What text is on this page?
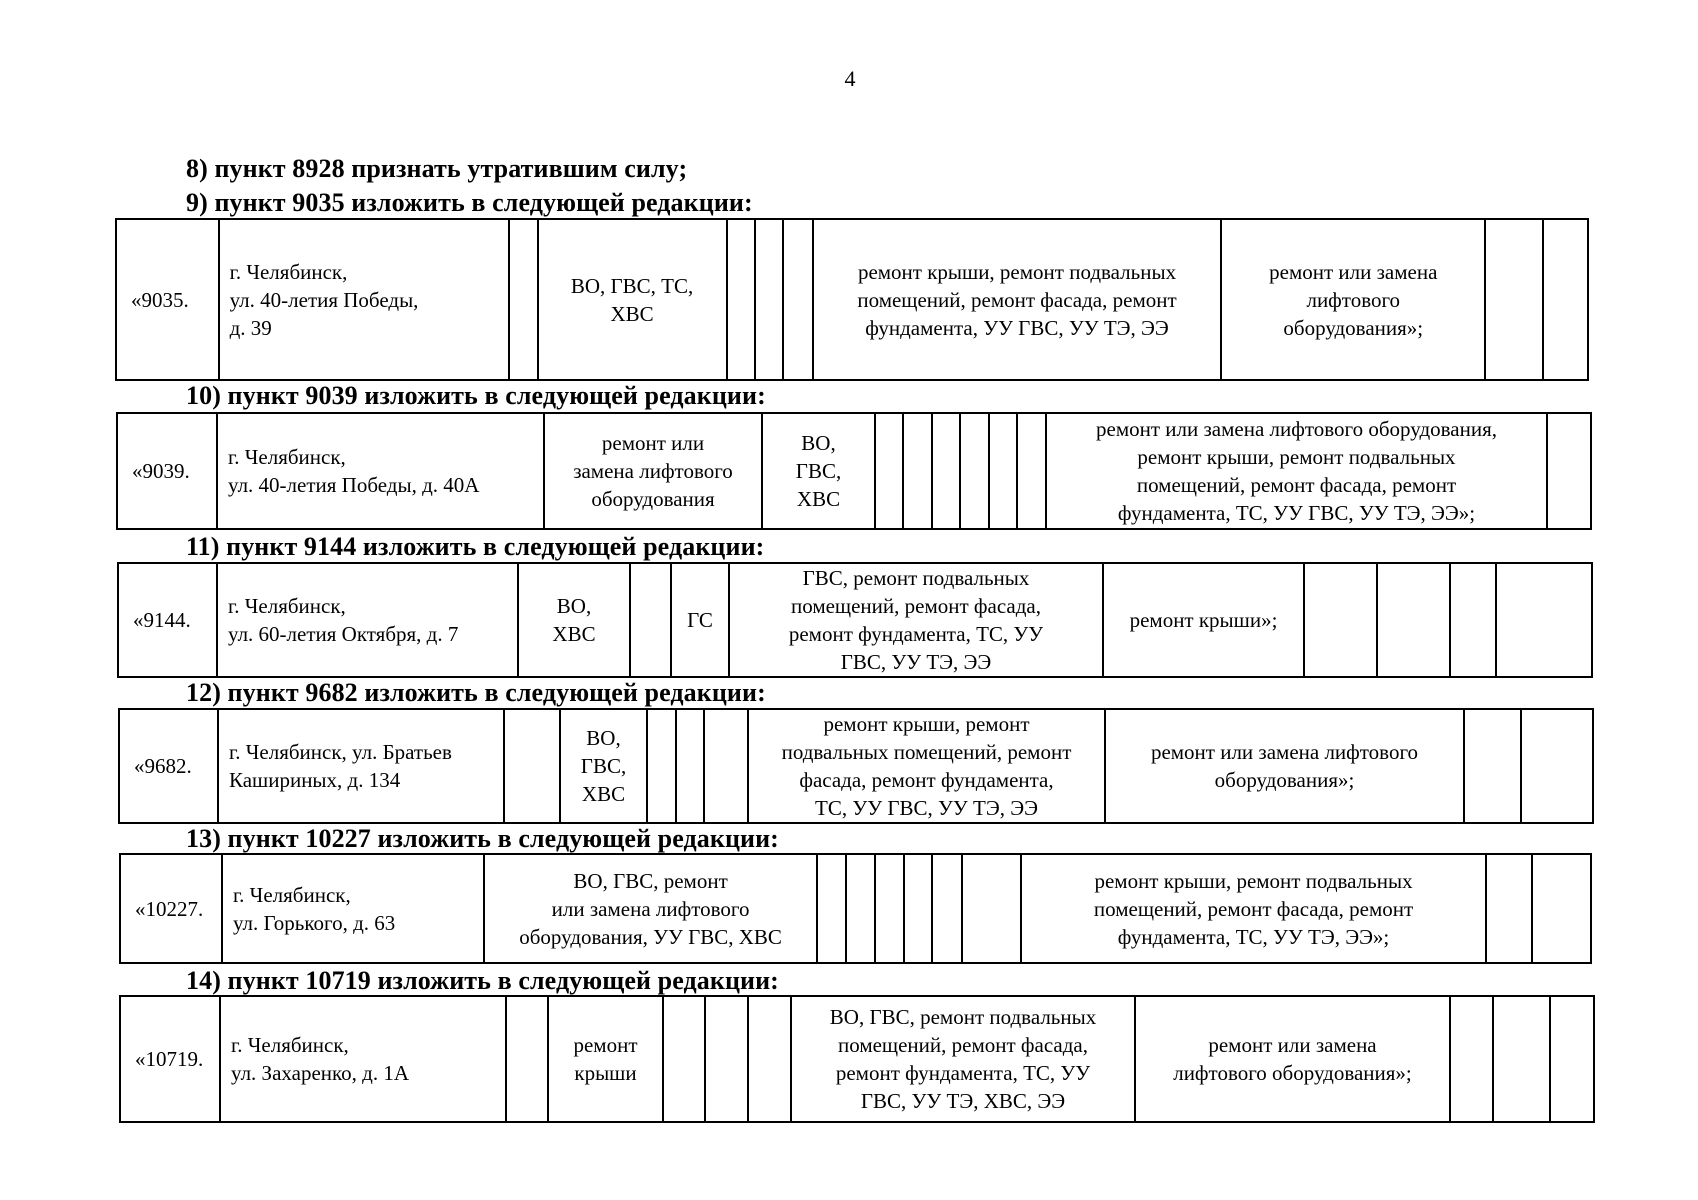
4
8) пункт 8928 признать утратившим силу;
9) пункт 9035 изложить в следующей редакции:
10) пункт 9039 изложить в следующей редакции:
11) пункт 9144 изложить в следующей редакции:
12) пункт 9682 изложить в следующей редакции:
13) пункт 10227 изложить в следующей редакции:
14) пункт 10719 изложить в следующей редакции:
«9035.	г. Челябинск,
ул. 40-летия Победы,
д. 39		ВО, ГВС, ТС,
ХВС				ремонт крыши, ремонт подвальных
помещений, ремонт фасада, ремонт
фундамента, УУ ГВС, УУ ТЭ, ЭЭ	ремонт или замена
лифтового
оборудования»;		
«9039.	г. Челябинск,
ул. 40-летия Победы, д. 40А	ремонт или
замена лифтового
оборудования	ВО,
ГВС,
ХВС							ремонт или замена лифтового оборудования,
ремонт крыши, ремонт подвальных
помещений, ремонт фасада, ремонт
фундамента, ТС, УУ ГВС, УУ ТЭ, ЭЭ»;	
«9144.	г. Челябинск,
ул. 60-летия Октября, д. 7	ВО,
ХВС		ГС	ГВС, ремонт подвальных
помещений, ремонт фасада,
ремонт фундамента, ТС, УУ
ГВС, УУ ТЭ, ЭЭ	ремонт крыши»;				
«9682.	г. Челябинск, ул. Братьев
Кашириных, д. 134		ВО,
ГВС,
ХВС				ремонт крыши, ремонт
подвальных помещений, ремонт
фасада, ремонт фундамента,
ТС, УУ ГВС, УУ ТЭ, ЭЭ	ремонт или замена лифтового
оборудования»;		
«10227.	г. Челябинск,
ул. Горького, д. 63	ВО, ГВС, ремонт
или замена лифтового
оборудования, УУ ГВС, ХВС							ремонт крыши, ремонт подвальных
помещений, ремонт фасада, ремонт
фундамента, ТС, УУ ТЭ, ЭЭ»;		
«10719.	г. Челябинск,
ул. Захаренко, д. 1А		ремонт
крыши				ВО, ГВС, ремонт подвальных
помещений, ремонт фасада,
ремонт фундамента, ТС, УУ
ГВС, УУ ТЭ, ХВС, ЭЭ	ремонт или замена
лифтового оборудования»;			
